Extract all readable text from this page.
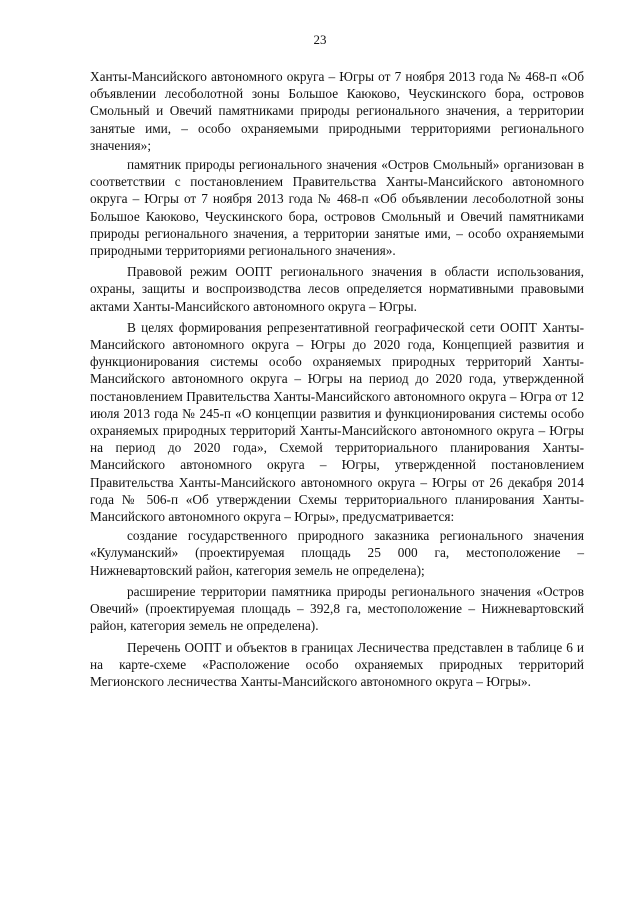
23

Ханты-Мансийского автономного округа – Югры от 7 ноября 2013 года № 468-п «Об объявлении лесоболотной зоны Большое Каюково, Чеускинского бора, островов Смольный и Овечий памятниками природы регионального значения, а территории занятые ими, – особо охраняемыми природными территориями регионального значения»;

памятник природы регионального значения «Остров Смольный» организован в соответствии с постановлением Правительства Ханты-Мансийского автономного округа – Югры от 7 ноября 2013 года № 468-п «Об объявлении лесоболотной зоны Большое Каюково, Чеускинского бора, островов Смольный и Овечий памятниками природы регионального значения, а территории занятые ими, – особо охраняемыми природными территориями регионального значения».

Правовой режим ООПТ регионального значения в области использования, охраны, защиты и воспроизводства лесов определяется нормативными правовыми актами Ханты-Мансийского автономного округа – Югры.

В целях формирования репрезентативной географической сети ООПТ Ханты-Мансийского автономного округа – Югры до 2020 года, Концепцией развития и функционирования системы особо охраняемых природных территорий Ханты-Мансийского автономного округа – Югры на период до 2020 года, утвержденной постановлением Правительства Ханты-Мансийского автономного округа – Югра от 12 июля 2013 года № 245-п «О концепции развития и функционирования системы особо охраняемых природных территорий Ханты-Мансийского автономного округа – Югры на период до 2020 года», Схемой территориального планирования Ханты-Мансийского автономного округа – Югры, утвержденной постановлением Правительства Ханты-Мансийского автономного округа – Югры от 26 декабря 2014 года № 506-п «Об утверждении Схемы территориального планирования Ханты-Мансийского автономного округа – Югры», предусматривается:

создание государственного природного заказника регионального значения «Кулуманский» (проектируемая площадь 25 000 га, местоположение – Нижневартовский район, категория земель не определена);

расширение территории памятника природы регионального значения «Остров Овечий» (проектируемая площадь – 392,8 га, местоположение – Нижневартовский район, категория земель не определена).

Перечень ООПТ и объектов в границах Лесничества представлен в таблице 6 и на карте-схеме «Расположение особо охраняемых природных территорий Мегионского лесничества Ханты-Мансийского автономного округа – Югры».
